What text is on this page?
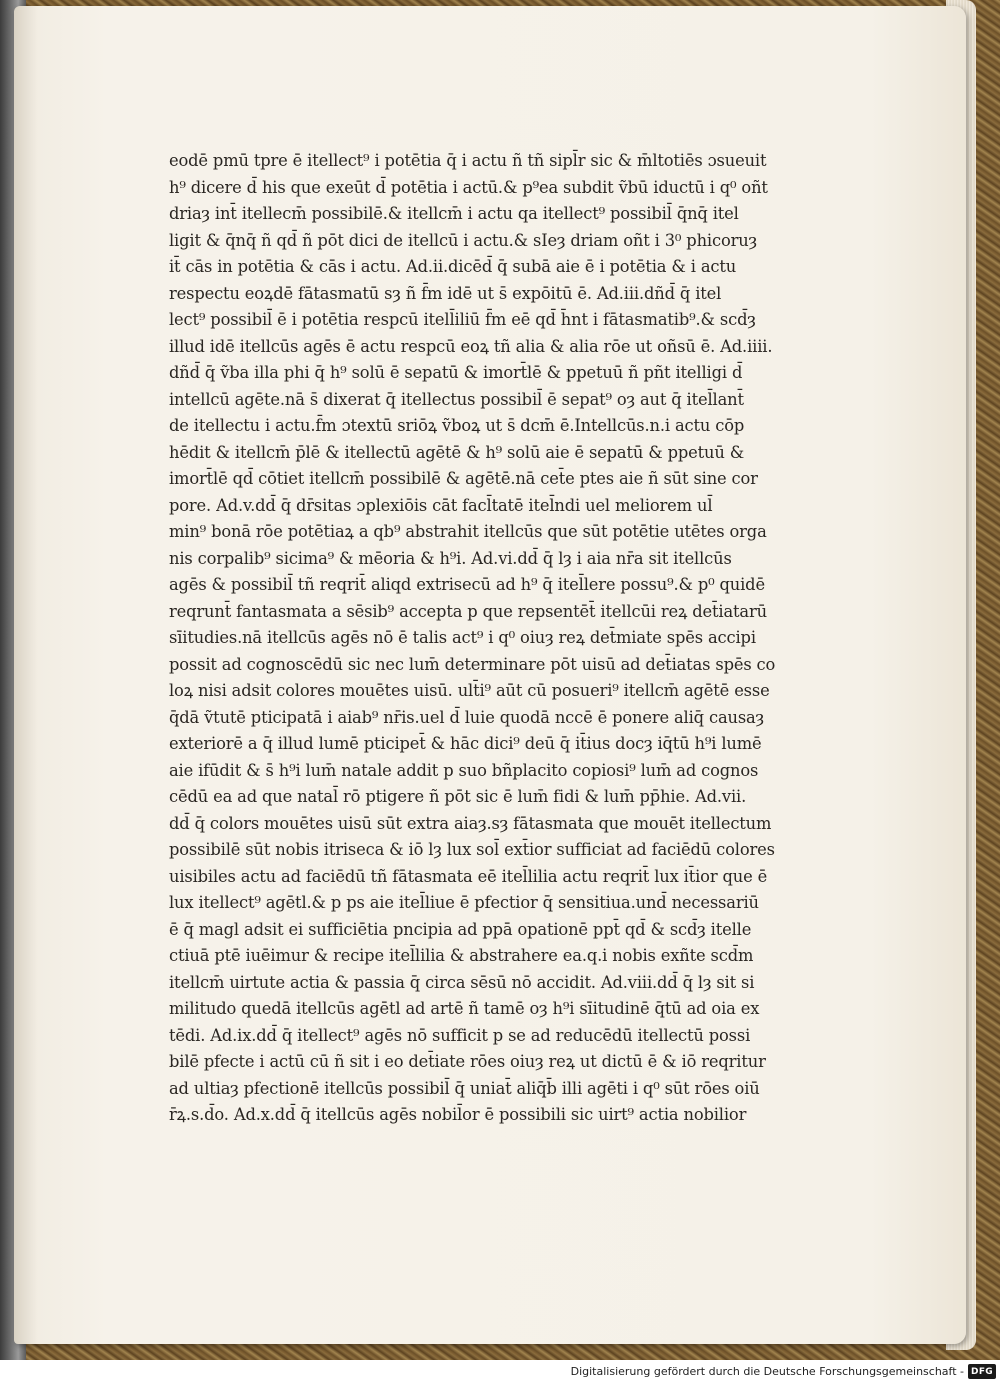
eodē pmū tpre ē itellect⁹ i potētia q̄ i actu ñ tñ sipl̄r sic & m̄ltotiēs ɔsueuit
h⁹ dicere d̄ his que exeūt d̄ potētia i actū.& p⁹ea subdit ṽbū iductū i q⁰ oñt
driaȝ int̄ itellecm̄ possibilē.& itellcm̄ i actu qa itellect⁹ possibil̄ q̄nq̄ itel
ligit & q̄nq̄ ñ qd̄ ñ pōt dici de itellcū i actu.& sIeȝ driam oñt i 3⁰ phicoruȝ
it̄ cās in potētia & cās i actu. Ad.ii.dicēd̄ q̄ subā aie ē i potētia & i actu
respectu eoꝝdē fātasmatū sȝ ñ f̄m idē ut s̄ expōitū ē. Ad.iii.dñd̄ q̄ itel
lect⁹ possibil̄ ē i potētia respcū itell̄iliū f̄m eē qd̄ h̄nt i fātasmatib⁹.& scd̄ȝ
illud idē itellcūs agēs ē actu respcū eoꝝ tñ alia & alia rōe ut oñsū ē. Ad.iiii.
dñd̄ q̄ ṽba illa phi q̄ h⁹ solū ē sepatū & imort̄lē & ppetuū ñ pñt itelligi d̄
intellcū agēte.nā s̄ dixerat q̄ itellectus possibil̄ ē sepat⁹ oȝ aut q̄ itel̄lant̄
de itellectu i actu.f̄m ɔtextū sriōꝝ ṽboꝝ ut s̄ dcm̄ ē.Intellcūs.n.i actu cōp
hēdit & itellcm̄ p̄lē & itellectū agētē & h⁹ solū aie ē sepatū & ppetuū &
imort̄lē qd̄ cōtiet itellcm̄ possibilē & agētē.nā cet̄e ptes aie ñ sūt sine cor
pore. Ad.v.dd̄ q̄ dr̄sitas ɔplexiōis cāt facl̄tatē itel̄ndi uel meliorem ul̄
min⁹ bonā rōe potētiaꝝ a qb⁹ abstrahit itellcūs que sūt potētie utētes orga
nis corpalib⁹ sicima⁹ & mēoria & h⁹i. Ad.vi.dd̄ q̄ lȝ i aia nr̄a sit itellcūs
agēs & possibil̄ tñ reqrit̄ aliqd extrisecū ad h⁹ q̄ itel̄lere possu⁹.& p⁰ quidē
reqrunt̄ fantasmata a sēsib⁹ accepta p que repsentēt̄ itellcūi reꝝ det̄iatarū
sīitudies.nā itellcūs agēs nō ē talis act⁹ i q⁰ oiuȝ reꝝ det̄miate spēs accipi
possit ad cognoscēdū sic nec lum̄ determinare pōt uisū ad det̄iatas spēs co
loꝝ nisi adsit colores mouētes uisū. ult̄i⁹ aūt cū posueri⁹ itellcm̄ agētē esse
q̄dā ṽtutē pticipatā i aiab⁹ nr̄is.uel d̄ luie quodā nccē ē ponere aliq̄ causaȝ
exteriorē a q̄ illud lumē pticipet̄ & hāc dici⁹ deū q̄ it̄ius docȝ iq̄tū h⁹i lumē
aie ifūdit & s̄ h⁹i lum̄ natale addit p suo bñplacito copiosi⁹ lum̄ ad cognos
cēdū ea ad que natal̄ rō ptigere ñ pōt sic ē lum̄ fidi & lum̄ pp̄hie. Ad.vii.
dd̄ q̄ colors mouētes uisū sūt extra aiaȝ.sȝ fātasmata que mouēt itellectum
possibilē sūt nobis itriseca & iō lȝ lux sol̄ ext̄ior sufficiat ad faciēdū colores
uisibiles actu ad faciēdū tñ fātasmata eē itel̄lilia actu reqrit̄ lux it̄ior que ē
lux itellect⁹ agētl.& p ps aie itel̄liue ē pfectior q̄ sensitiua.und̄ necessariū
ē q̄ magl adsit ei sufficiētia pncipia ad ppā opationē ppt̄ qd̄ & scd̄ȝ itelle
ctiuā ptē iuēimur & recipe itel̄lilia & abstrahere ea.q.i nobis exñte scd̄m
itellcm̄ uirtute actia & passia q̄ circa sēsū nō accidit. Ad.viii.dd̄ q̄ lȝ sit si
militudo quedā itellcūs agētl ad artē ñ tamē oȝ h⁹i sīitudinē q̄tū ad oia ex
tēdi. Ad.ix.dd̄ q̄ itellect⁹ agēs nō sufficit p se ad reducēdū itellectū possi
bilē pfecte i actū cū ñ sit i eo det̄iate rōes oiuȝ reꝝ ut dictū ē & iō reqritur
ad ultiaȝ pfectionē itellcūs possibil̄ q̄ uniat̄ aliq̄b̄ illi agēti i q⁰ sūt rōes oiū
r̄ꝝ.s.d̄o. Ad.x.dd̄ q̄ itellcūs agēs nobil̄or ē possibili sic uirt⁹ actia nobilior
Digitalisierung gefördert durch die Deutsche Forschungsgemeinschaft - DFG
